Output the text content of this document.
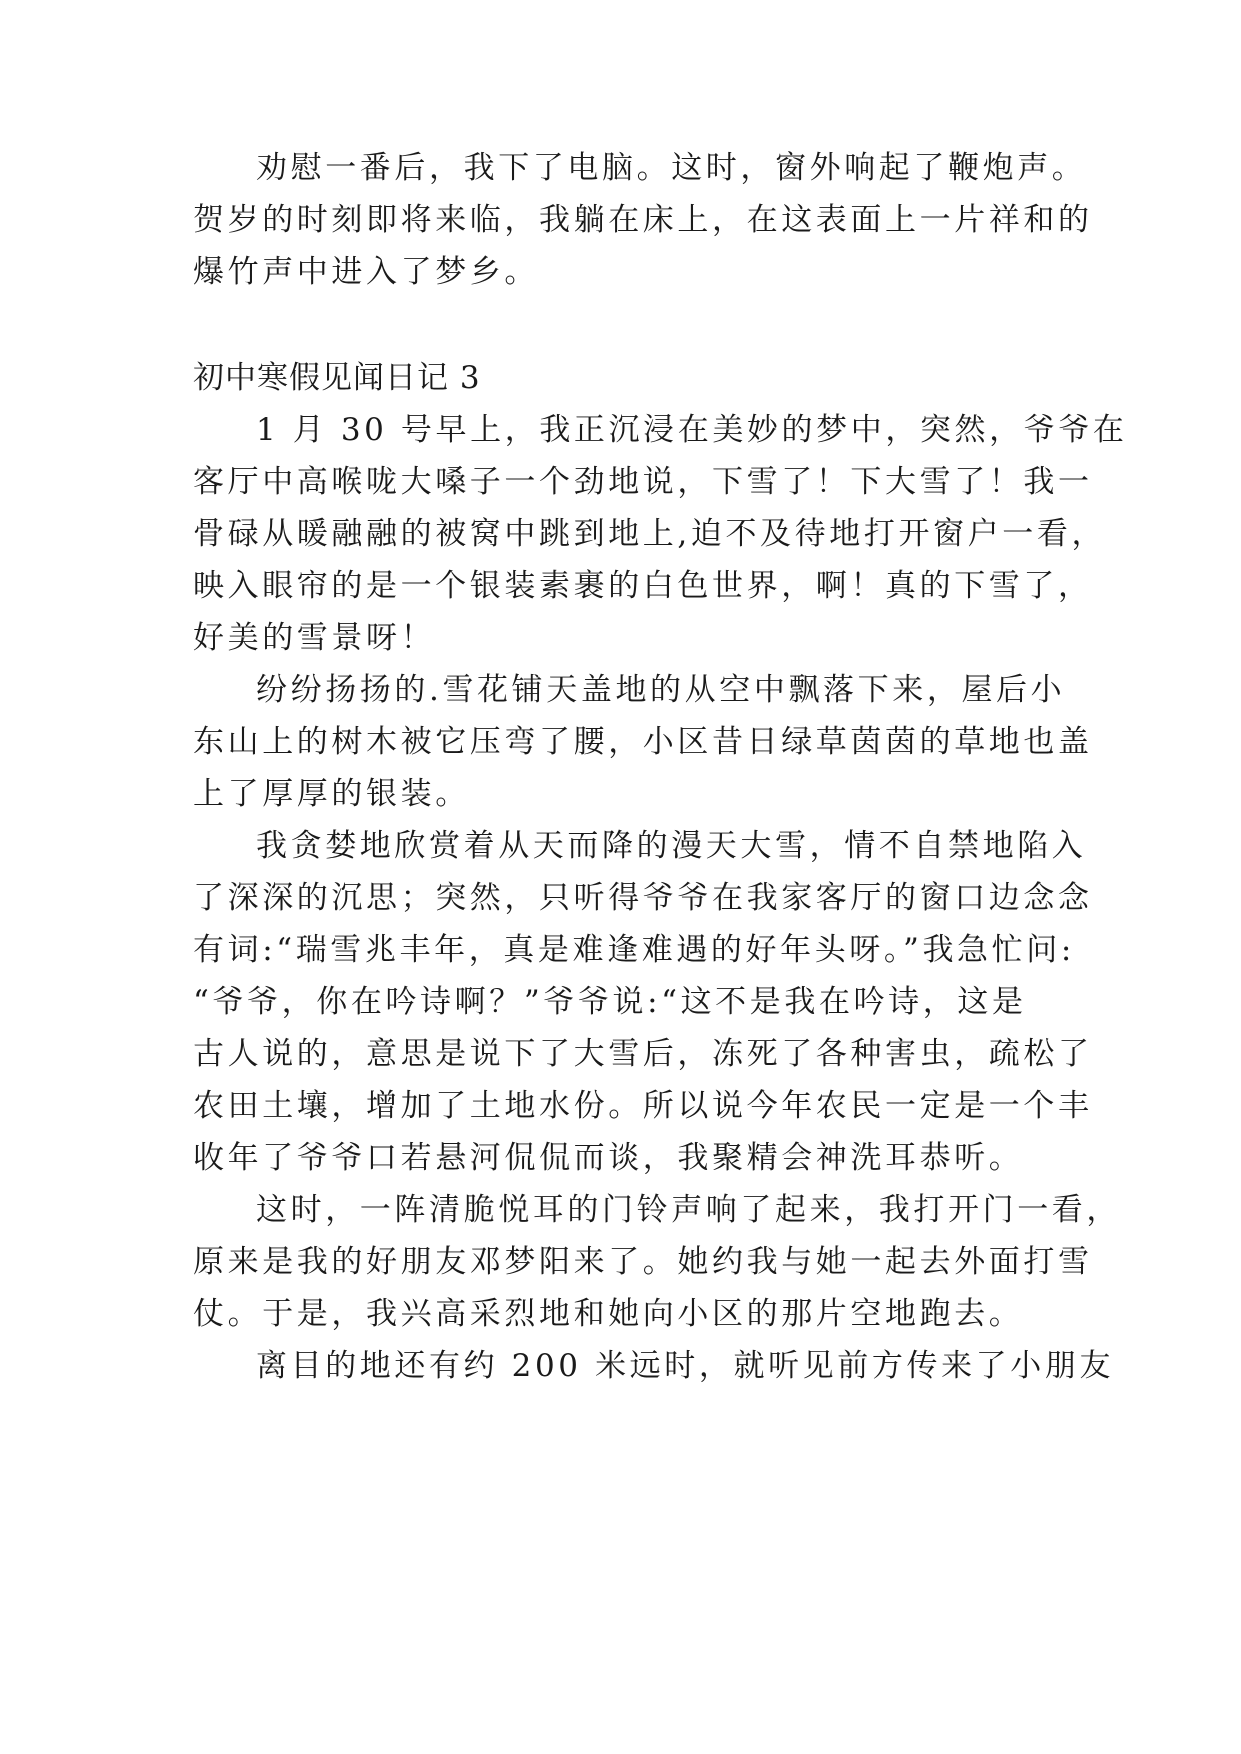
劝慰一番后，我下了电脑。这时，窗外响起了鞭炮声。
贺岁的时刻即将来临，我躺在床上，在这表面上一片祥和的
爆竹声中进入了梦乡。
初中寒假见闻日记 3
1 月 30 号早上，我正沉浸在美妙的梦中，突然，爷爷在
客厅中高喉咙大嗓子一个劲地说，下雪了！下大雪了！我一
骨碌从暖融融的被窝中跳到地上,迫不及待地打开窗户一看，
映入眼帘的是一个银装素裹的白色世界，啊！真的下雪了，
好美的雪景呀！
纷纷扬扬的.雪花铺天盖地的从空中飘落下来，屋后小
东山上的树木被它压弯了腰，小区昔日绿草茵茵的草地也盖
上了厚厚的银装。
我贪婪地欣赏着从天而降的漫天大雪，情不自禁地陷入
了深深的沉思；突然，只听得爷爷在我家客厅的窗口边念念
有词:“瑞雪兆丰年，真是难逢难遇的好年头呀。”我急忙问:
“爷爷，你在吟诗啊？”爷爷说:“这不是我在吟诗，这是
古人说的，意思是说下了大雪后，冻死了各种害虫，疏松了
农田土壤，增加了土地水份。所以说今年农民一定是一个丰
收年了爷爷口若悬河侃侃而谈，我聚精会神洗耳恭听。
这时，一阵清脆悦耳的门铃声响了起来，我打开门一看，
原来是我的好朋友邓梦阳来了。她约我与她一起去外面打雪
仗。于是，我兴高采烈地和她向小区的那片空地跑去。
离目的地还有约 200 米远时，就听见前方传来了小朋友
